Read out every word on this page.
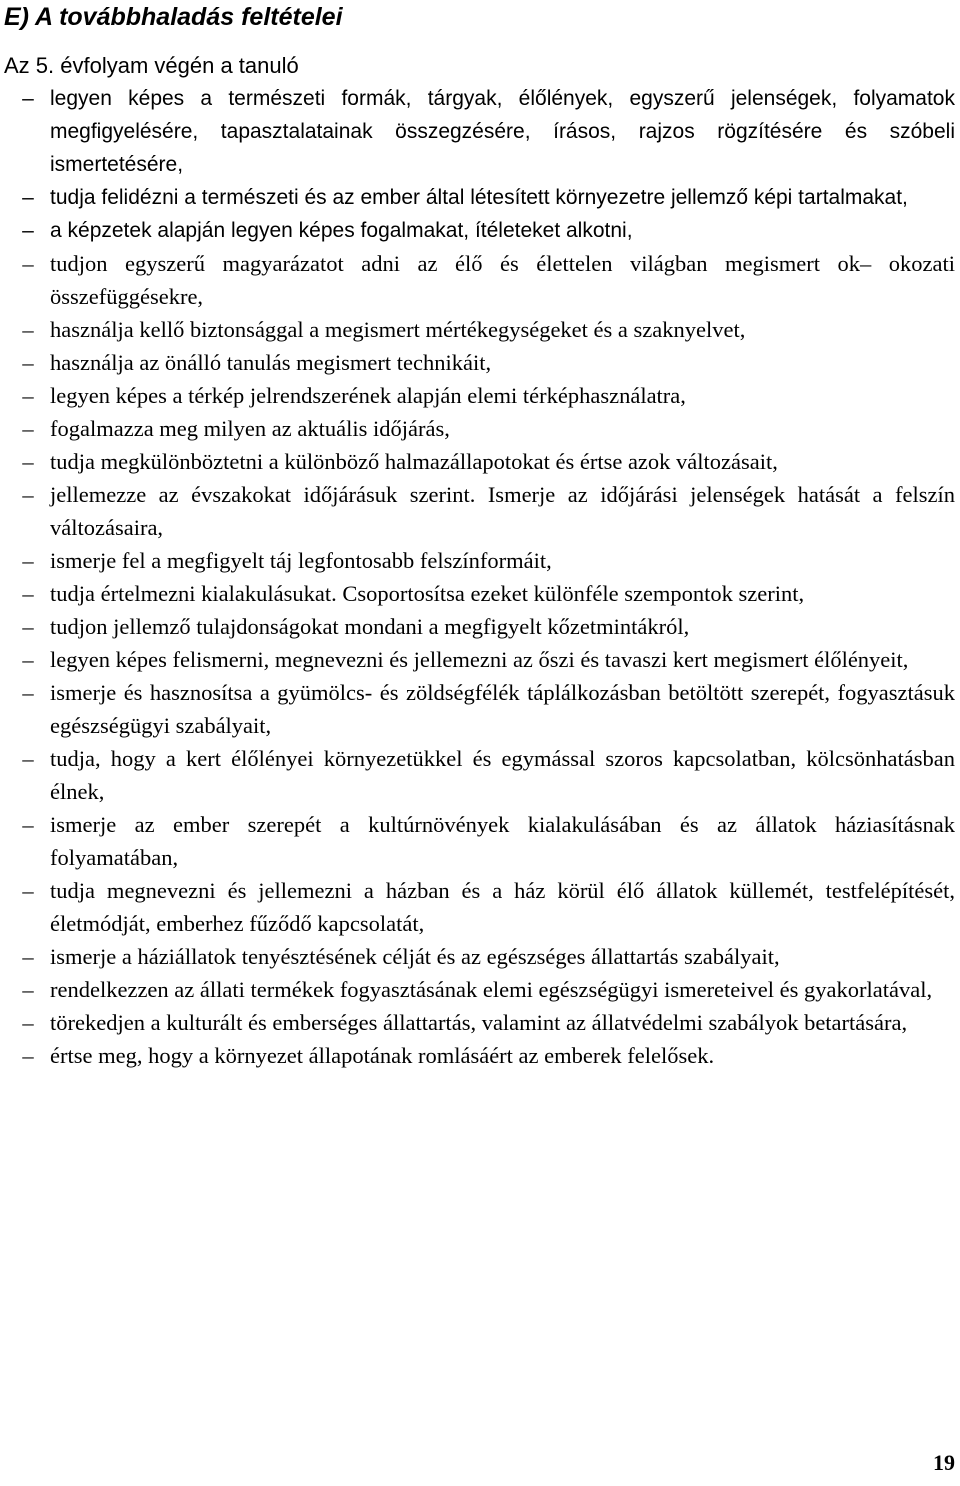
E) A továbbhaladás feltételei

Az 5. évfolyam végén a tanuló

– legyen képes a természeti formák, tárgyak, élőlények, egyszerű jelenségek, folyamatok megfigyelésére, tapasztalatainak összegzésére, írásos, rajzos rögzítésére és szóbeli ismertetésére,
– tudja felidézni a természeti és az ember által létesített környezetre jellemző képi tartalmakat,
– a képzetek alapján legyen képes fogalmakat, ítéleteket alkotni,
– tudjon egyszerű magyarázatot adni az élő és élettelen világban megismert ok– okozati összefüggésekre,
– használja kellő biztonsággal a megismert mértékegységeket és a szaknyelvet,
– használja az önálló tanulás megismert technikáit,
– legyen képes a térkép jelrendszerének alapján elemi térképhasználatra,
– fogalmazza meg milyen az aktuális időjárás,
– tudja megkülönböztetni a különböző halmazállapotokat és értse azok változásait,
– jellemezze az évszakokat időjárásuk szerint. Ismerje az időjárási jelenségek hatását a felszín változásaira,
– ismerje fel a megfigyelt táj legfontosabb felszínformáit,
– tudja értelmezni kialakulásukat. Csoportosítsa ezeket különféle szempontok szerint,
– tudjon jellemző tulajdonságokat mondani a megfigyelt kőzetmintákról,
– legyen képes felismerni, megnevezni és jellemezni az őszi és tavaszi kert megismert élőlényeit,
– ismerje és hasznosítsa a gyümölcs- és zöldségfélék táplálkozásban betöltött szerepét, fogyasztásuk egészségügyi szabályait,
– tudja, hogy a kert élőlényei környezetükkel és egymással szoros kapcsolatban, kölcsönhatásban élnek,
– ismerje az ember szerepét a kultúrnövények kialakulásában és az állatok háziasításnak folyamatában,
– tudja megnevezni és jellemezni a házban és a ház körül élő állatok küllemét, testfelépítését, életmódját, emberhez fűződő kapcsolatát,
– ismerje a háziállatok tenyésztésének célját és az egészséges állattartás szabályait,
– rendelkezzen az állati termékek fogyasztásának elemi egészségügyi ismereteivel és gyakorlatával,
– törekedjen a kulturált és emberséges állattartás, valamint az állatvédelmi szabályok betartására,
– értse meg, hogy a környezet állapotának romlásáért az emberek felelősek.

19
